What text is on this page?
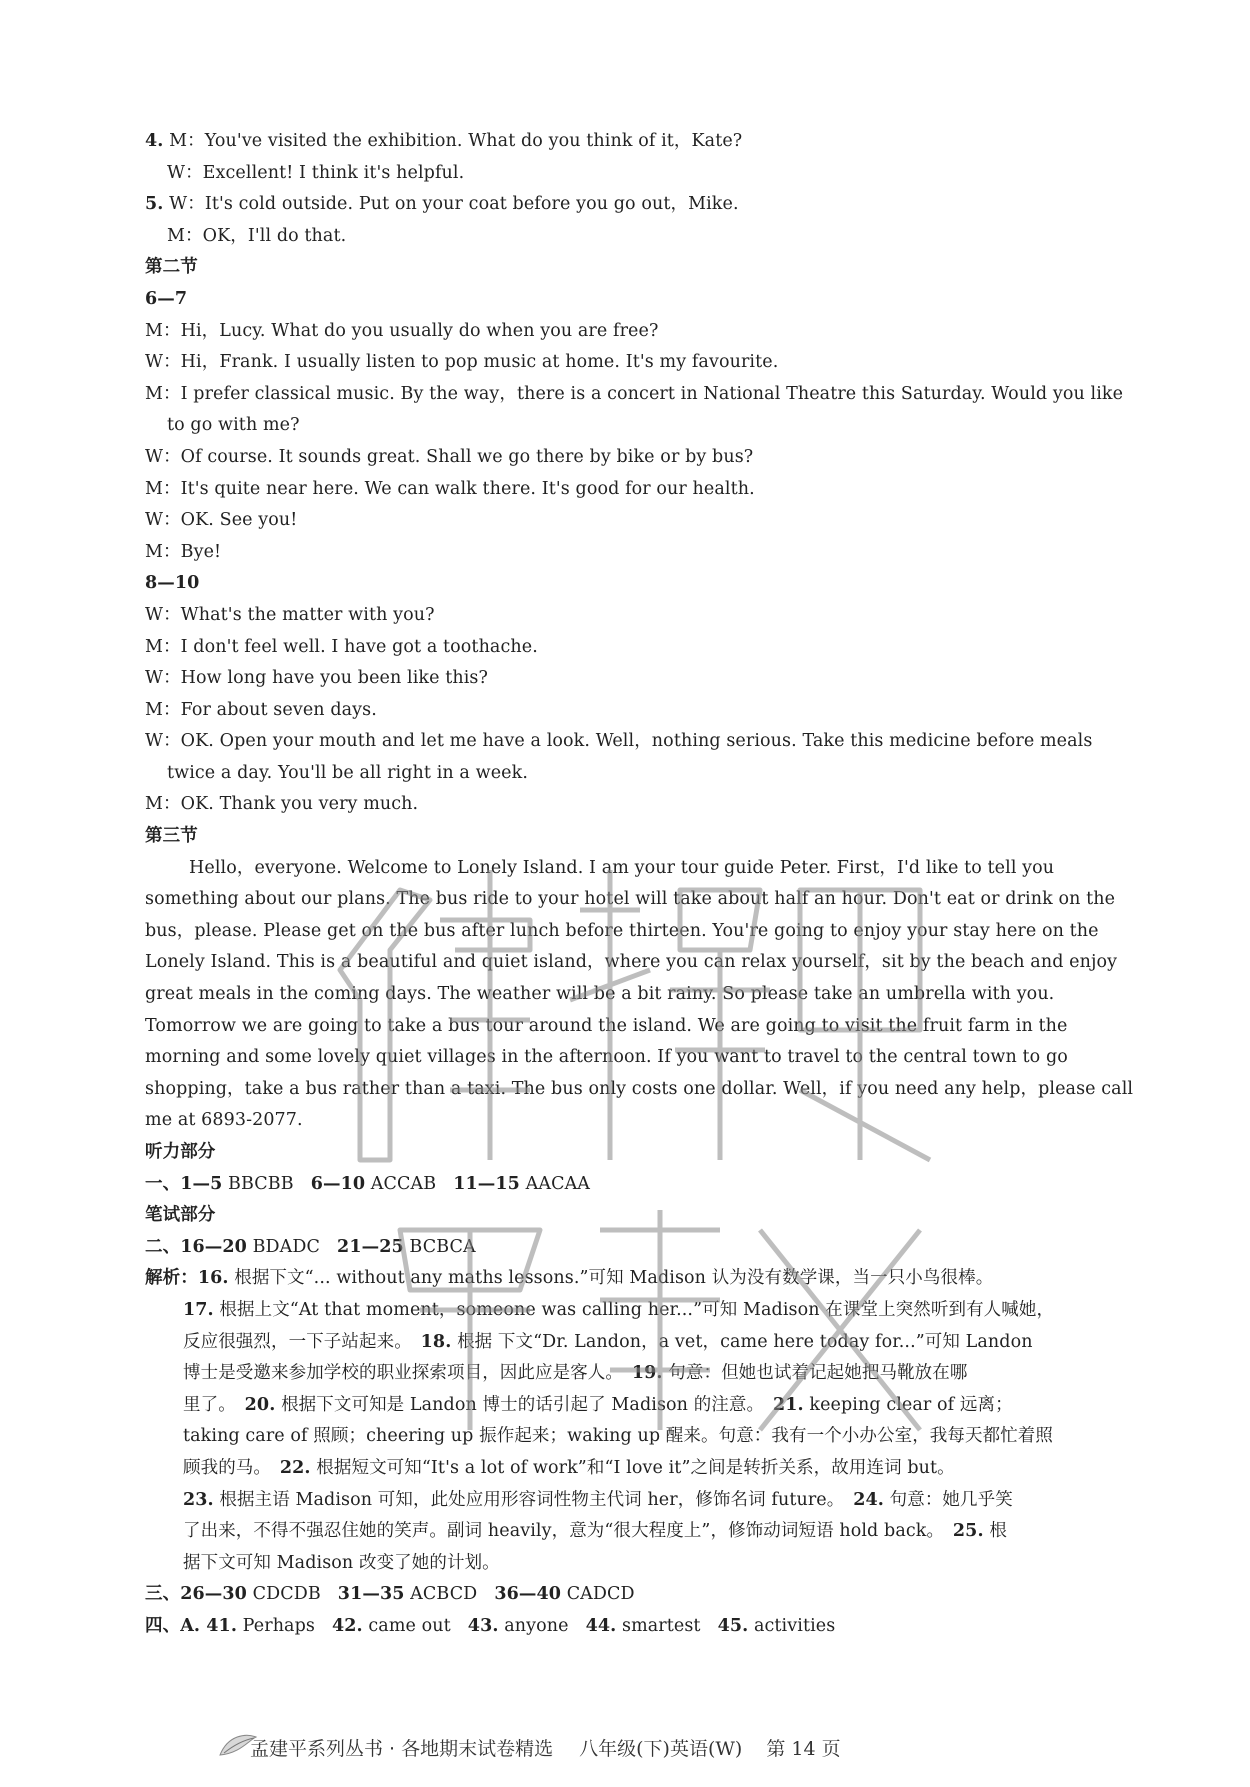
4. M：You've visited the exhibition. What do you think of it，Kate?
W：Excellent! I think it's helpful.
5. W：It's cold outside. Put on your coat before you go out，Mike.
M：OK，I'll do that.
第二节
6—7
M：Hi，Lucy. What do you usually do when you are free?
W：Hi，Frank. I usually listen to pop music at home. It's my favourite.
M：I prefer classical music. By the way，there is a concert in National Theatre this Saturday. Would you like
to go with me?
W：Of course. It sounds great. Shall we go there by bike or by bus?
M：It's quite near here. We can walk there. It's good for our health.
W：OK. See you!
M：Bye!
8—10
W：What's the matter with you?
M：I don't feel well. I have got a toothache.
W：How long have you been like this?
M：For about seven days.
W：OK. Open your mouth and let me have a look. Well，nothing serious. Take this medicine before meals
twice a day. You'll be all right in a week.
M：OK. Thank you very much.
第三节
Hello，everyone. Welcome to Lonely Island. I am your tour guide Peter. First，I'd like to tell you
something about our plans. The bus ride to your hotel will take about half an hour. Don't eat or drink on the
bus，please. Please get on the bus after lunch before thirteen. You're going to enjoy your stay here on the
Lonely Island. This is a beautiful and quiet island，where you can relax yourself，sit by the beach and enjoy
great meals in the coming days. The weather will be a bit rainy. So please take an umbrella with you.
Tomorrow we are going to take a bus tour around the island. We are going to visit the fruit farm in the
morning and some lovely quiet villages in the afternoon. If you want to travel to the central town to go
shopping，take a bus rather than a taxi. The bus only costs one dollar. Well，if you need any help，please call
me at 6893-2077.
听力部分
一、1—5 BBCBB 6—10 ACCAB 11—15 AACAA
笔试部分
二、16—20 BDADC 21—25 BCBCA
解析：16. 根据下文“... without any maths lessons.”可知 Madison 认为没有数学课，当一只小鸟很棒。
17. 根据上文“At that moment，someone was calling her...”可知 Madison 在课堂上突然听到有人喊她，
反应很强烈，一下子站起来。　18. 根据 下文“Dr. Landon，a vet，came here today for...”可知 Landon
博士是受邀来参加学校的职业探索项目，因此应是客人。　19. 句意：但她也试着记起她把马靴放在哪
里了。　20. 根据下文可知是 Landon 博士的话引起了 Madison 的注意。　21. keeping clear of 远离；
taking care of 照顾；cheering up 振作起来；waking up 醒来。句意：我有一个小办公室，我每天都忙着照
顾我的马。　22. 根据短文可知“It's a lot of work”和“I love it”之间是转折关系，故用连词 but。
23. 根据主语 Madison 可知，此处应用形容词性物主代词 her，修饰名词 future。　24. 句意：她几乎笑
了出来，不得不强忍住她的笑声。副词 heavily，意为“很大程度上”，修饰动词短语 hold back。　25. 根
据下文可知 Madison 改变了她的计划。
三、26—30 CDCDB 31—35 ACBCD 36—40 CADCD
四、A. 41. Perhaps 42. came out 43. anyone 44. smartest 45. activities
孟建平系列丛书 · 各地期末试卷精选 八年级(下)英语(W) 第 14 页
